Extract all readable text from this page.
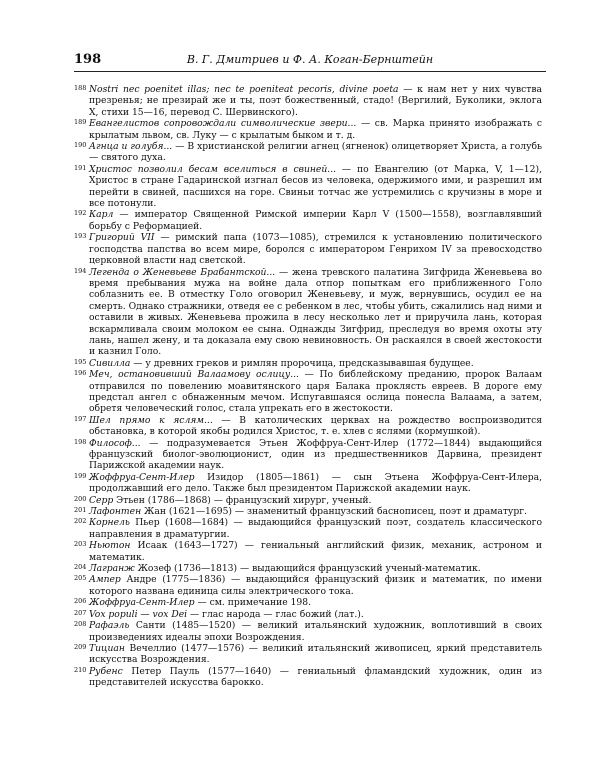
198	В. Г. Дмитриев и Ф. А. Коган-Бернштейн
188 Nostri nec poenitet illas; nec te poeniteat pecoris, divine poeta — к нам нет у них чувства презренья; не презирай же и ты, поэт божественный, стадо! (Вергилий, Буколики, эклога X, стихи 15—16, перевод С. Шервинского).
189 Евангелистов сопровождали символические звери... — св. Марка принято изображать с крылатым львом, св. Луку — с крылатым быком и т. д.
190 Агнца и голубя... — В христианской религии агнец (ягненок) олицетворяет Христа, а голубь — святого духа.
191 Христос позволил бесам вселиться в свиней... — по Евангелию (от Марка, V, 1—12), Христос в стране Гадаринской изгнал бесов из человека, одержимого ими, и разрешил им перейти в свиней, пасшихся на горе. Свиньи тотчас же устремились с кручизны в море и все потонули.
192 Карл — император Священной Римской империи Карл V (1500—1558), возглавлявший борьбу с Реформацией.
193 Григорий VII — римский папа (1073—1085), стремился к установлению политического господства папства во всем мире, боролся с императором Генрихом IV за превосходство церковной власти над светской.
194 Легенда о Женевьеве Брабантской... — жена тревского палатина Зигфрида Женевьева во время пребывания мужа на войне дала отпор попыткам его приближенного Голо соблазнить ее. В отместку Голо оговорил Женевьеву, и муж, вернувшись, осудил ее на смерть. Однако стражники, отведя ее с ребенком в лес, чтобы убить, сжалились над ними и оставили в живых. Женевьева прожила в лесу несколько лет и приручила лань, которая вскармливала своим молоком ее сына. Однажды Зигфрид, преследуя во время охоты эту лань, нашел жену, и та доказала ему свою невиновность. Он раскаялся в своей жестокости и казнил Голо.
195 Сивилла — у древних греков и римлян пророчица, предсказывавшая будущее.
196 Меч, остановивший Валаамову ослицу... — По библейскому преданию, пророк Валаам отправился по повелению моавитянского царя Балака проклясть евреев. В дороге ему предстал ангел с обнаженным мечом. Испугавшаяся ослица понесла Валаама, а затем, обретя человеческий голос, стала упрекать его в жестокости.
197 Шел прямо к яслям... — В католических церквах на рождество воспроизводится обстановка, в которой якобы родился Христос, т. е. хлев с яслями (кормушкой).
198 Философ... — подразумевается Этьен Жоффруа-Сент-Илер (1772—1844) выдающийся французский биолог-эволюционист, один из предшественников Дарвина, президент Парижской академии наук.
199 Жоффруа-Сент-Илер Изидор (1805—1861) — сын Этьена Жоффруа-Сент-Илера, продолжавший его дело. Также был президентом Парижской академии наук.
200 Серр Этьен (1786—1868) — французский хирург, ученый.
201 Лафонтен Жан (1621—1695) — знаменитый французский баснописец, поэт и драматург.
202 Корнель Пьер (1608—1684) — выдающийся французский поэт, создатель классического направления в драматургии.
203 Ньютон Исаак (1643—1727) — гениальный английский физик, механик, астроном и математик.
204 Лагранж Жозеф (1736—1813) — выдающийся французский ученый-математик.
205 Ампер Андре (1775—1836) — выдающийся французский физик и математик, по имени которого названа единица силы электрического тока.
206 Жоффруа-Сент-Илер — см. примечание 198.
207 Vox populi — vox Dei — глас народа — глас божий (лат.).
208 Рафаэль Санти (1485—1520) — великий итальянский художник, воплотивший в своих произведениях идеалы эпохи Возрождения.
209 Тициан Вечеллио (1477—1576) — великий итальянский живописец, яркий представитель искусства Возрождения.
210 Рубенс Петер Пауль (1577—1640) — гениальный фламандский художник, один из представителей искусства барокко.
